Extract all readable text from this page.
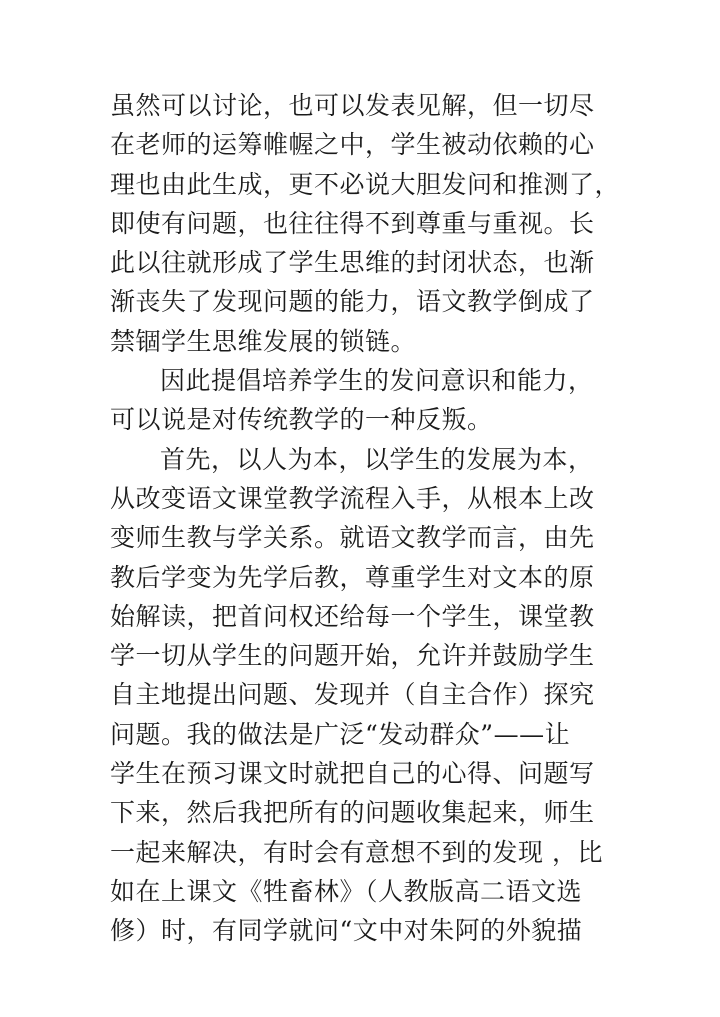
虽然可以讨论，也可以发表见解，但一切尽
在老师的运筹帷幄之中，学生被动依赖的心
理也由此生成，更不必说大胆发问和推测了，
即使有问题，也往往得不到尊重与重视。长
此以往就形成了学生思维的封闭状态，也渐
渐丧失了发现问题的能力，语文教学倒成了
禁锢学生思维发展的锁链。
因此提倡培养学生的发问意识和能力，
可以说是对传统教学的一种反叛。
首先，以人为本，以学生的发展为本，
从改变语文课堂教学流程入手，从根本上改
变师生教与学关系。就语文教学而言，由先
教后学变为先学后教，尊重学生对文本的原
始解读，把首问权还给每一个学生，课堂教
学一切从学生的问题开始，允许并鼓励学生
自主地提出问题、发现并（自主合作）探究
问题。我的做法是广泛“发动群众”——让
学生在预习课文时就把自己的心得、问题写
下来，然后我把所有的问题收集起来，师生
一起来解决，有时会有意想不到的发现 ，比
如在上课文《牲畜林》（人教版高二语文选
修）时，有同学就问“文中对朱阿的外貌描
